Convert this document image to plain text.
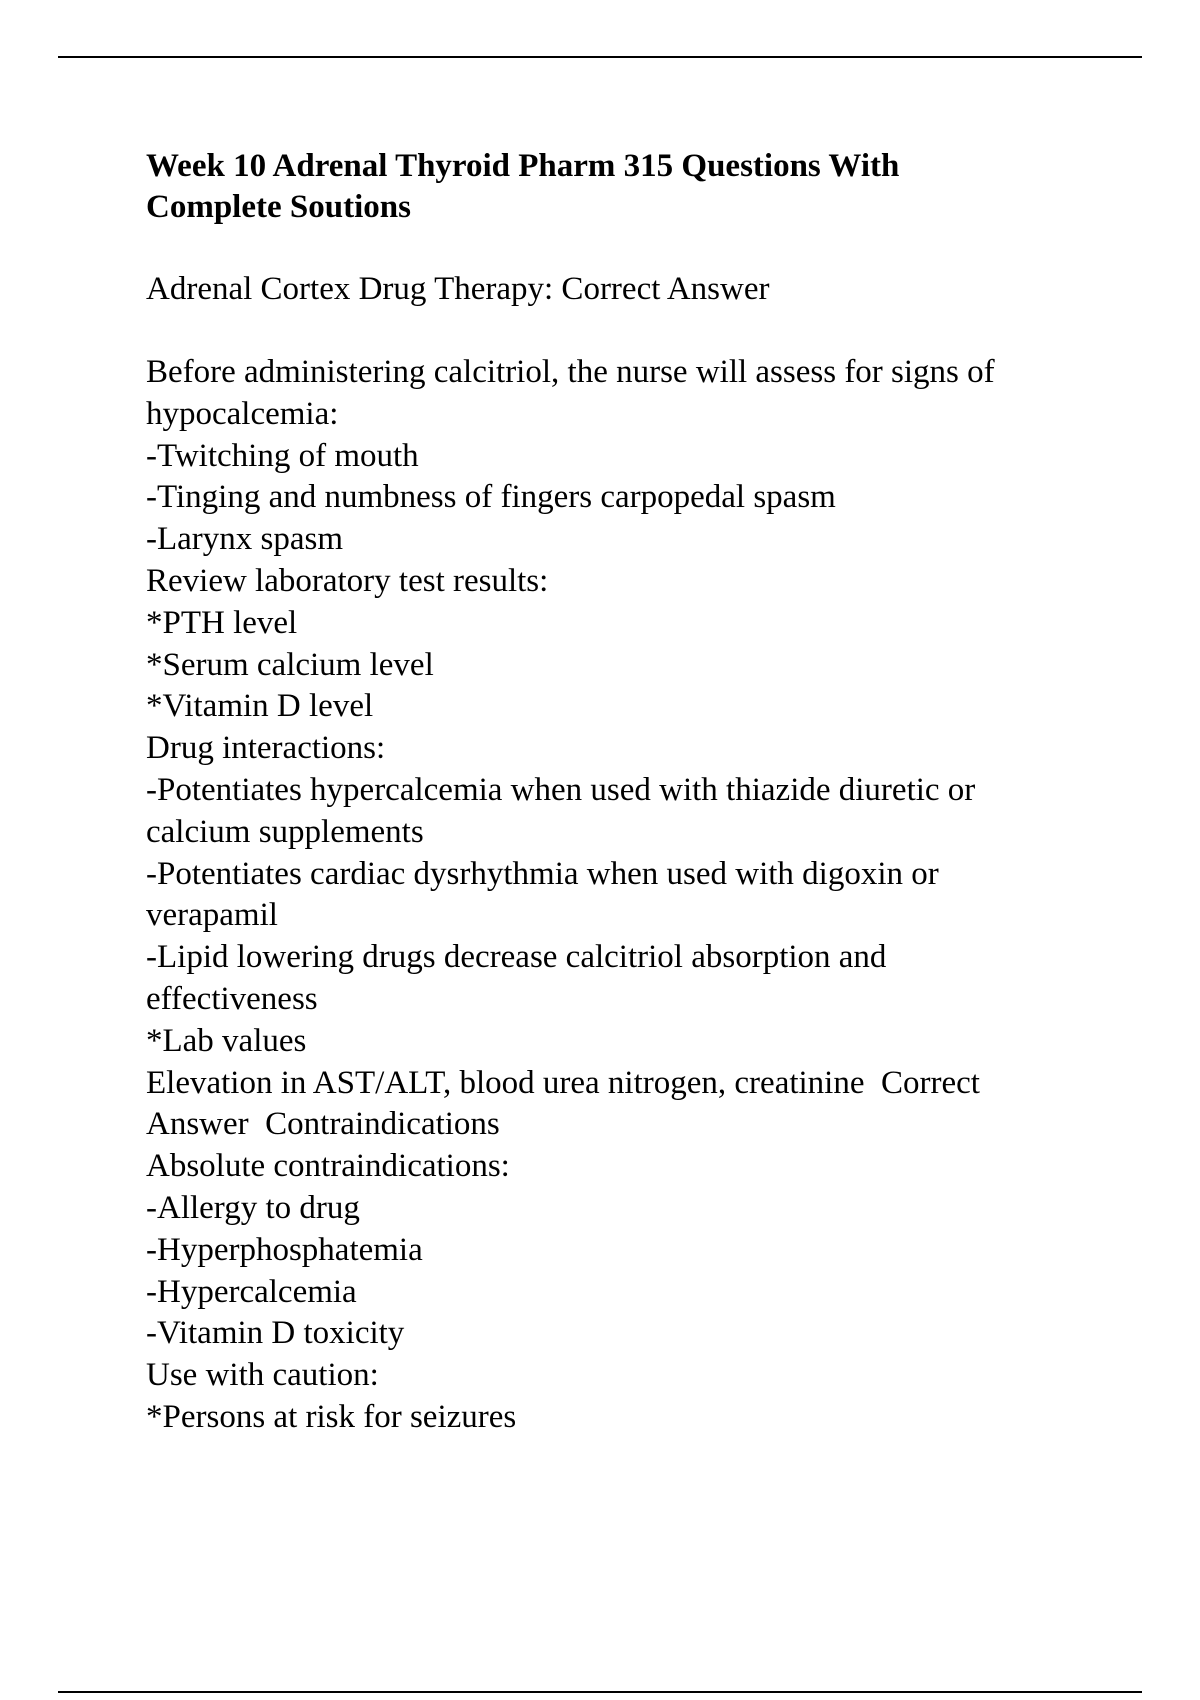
Week 10 Adrenal Thyroid Pharm 315 Questions With
Complete Soutions

Adrenal Cortex Drug Therapy: Correct Answer

Before administering calcitriol, the nurse will assess for signs of
hypocalcemia:
-Twitching of mouth
-Tinging and numbness of fingers carpopedal spasm
-Larynx spasm
Review laboratory test results:
*PTH level
*Serum calcium level
*Vitamin D level
Drug interactions:
-Potentiates hypercalcemia when used with thiazide diuretic or
calcium supplements
-Potentiates cardiac dysrhythmia when used with digoxin or
verapamil
-Lipid lowering drugs decrease calcitriol absorption and
effectiveness
*Lab values
Elevation in AST/ALT, blood urea nitrogen, creatinine  Correct
Answer  Contraindications
Absolute contraindications:
-Allergy to drug
-Hyperphosphatemia
-Hypercalcemia
-Vitamin D toxicity
Use with caution:
*Persons at risk for seizures
